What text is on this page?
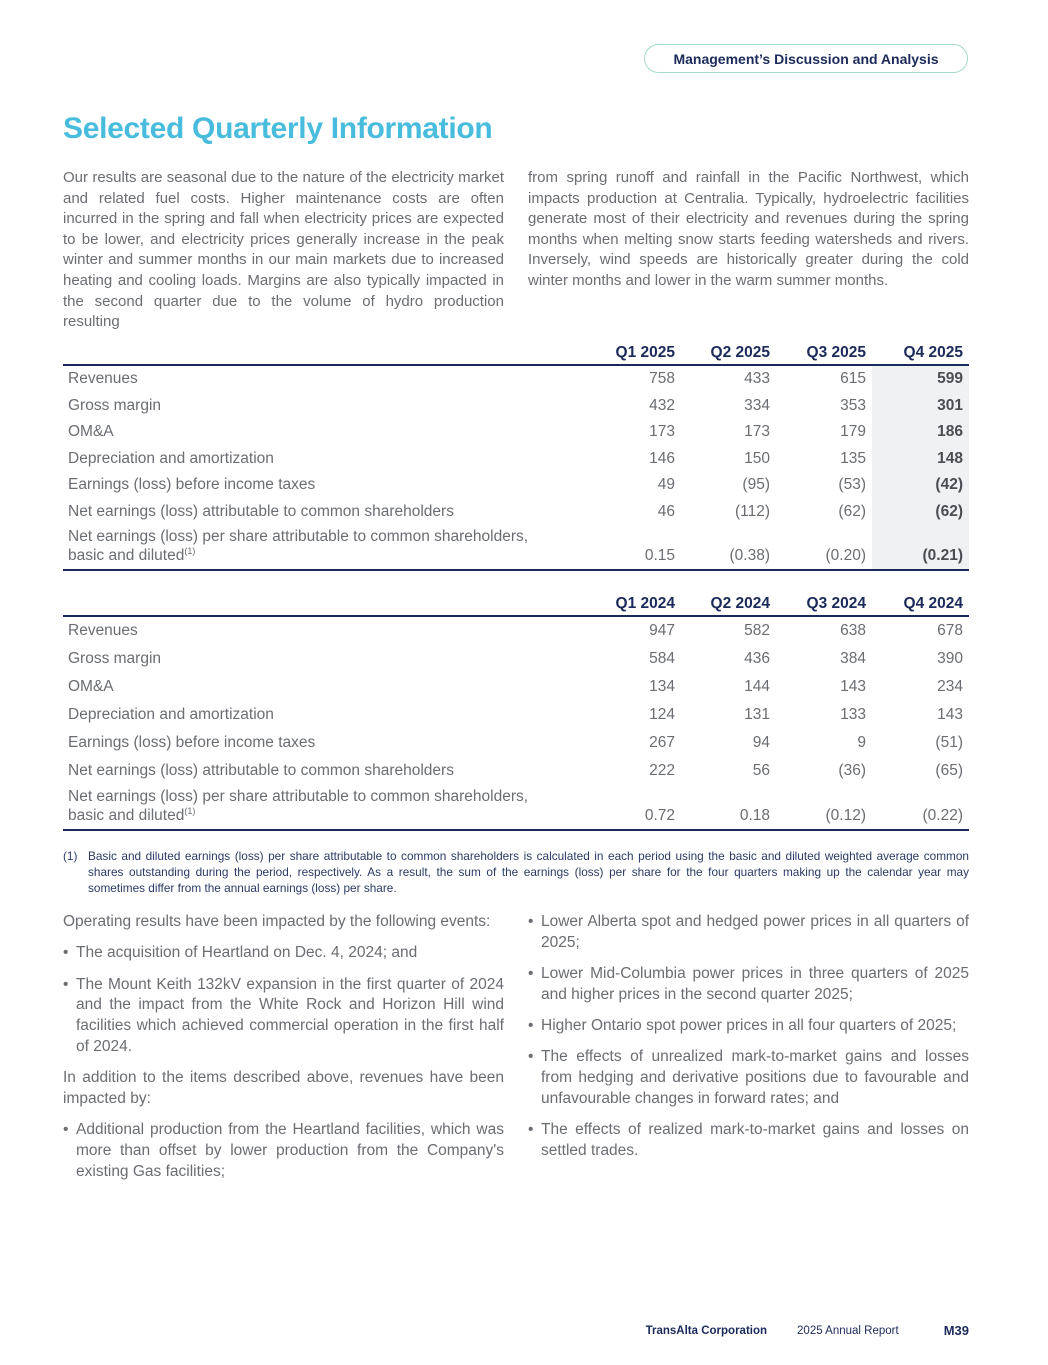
Management’s Discussion and Analysis
Selected Quarterly Information

Our results are seasonal due to the nature of the electricity market and related fuel costs. Higher maintenance costs are often incurred in the spring and fall when electricity prices are expected to be lower, and electricity prices generally increase in the peak winter and summer months in our main markets due to increased heating and cooling loads. Margins are also typically impacted in the second quarter due to the volume of hydro production resulting

from spring runoff and rainfall in the Pacific Northwest, which impacts production at Centralia. Typically, hydroelectric facilities generate most of their electricity and revenues during the spring months when melting snow starts feeding watersheds and rivers. Inversely, wind speeds are historically greater during the cold winter months and lower in the warm summer months.

	Q1 2025	Q2 2025	Q3 2025	Q4 2025
Revenues	758	433	615	599
Gross margin	432	334	353	301
OM&A	173	173	179	186
Depreciation and amortization	146	150	135	148
Earnings (loss) before income taxes	49	(95)	(53)	(42)
Net earnings (loss) attributable to common shareholders	46	(112)	(62)	(62)
Net earnings (loss) per share attributable to common shareholders,
basic and diluted$^{(1)}$	0.15	(0.38)	(0.20)	(0.21)
	Q1 2024	Q2 2024	Q3 2024	Q4 2024
Revenues	947	582	638	678
Gross margin	584	436	384	390
OM&A	134	144	143	234
Depreciation and amortization	124	131	133	143
Earnings (loss) before income taxes	267	94	9	(51)
Net earnings (loss) attributable to common shareholders	222	56	(36)	(65)
Net earnings (loss) per share attributable to common shareholders,
basic and diluted$^{(1)}$	0.72	0.18	(0.12)	(0.22)
(1) Basic and diluted earnings (loss) per share attributable to common shareholders is calculated in each period using the basic and diluted weighted average common shares outstanding during the period, respectively. As a result, the sum of the earnings (loss) per share for the four quarters making up the calendar year may sometimes differ from the annual earnings (loss) per share.

Operating results have been impacted by the following events:

• The acquisition of Heartland on Dec. 4, 2024; and
• The Mount Keith 132kV expansion in the first quarter of 2024 and the impact from the White Rock and Horizon Hill wind facilities which achieved commercial operation in the first half of 2024.

In addition to the items described above, revenues have been impacted by:

• Additional production from the Heartland facilities, which was more than offset by lower production from the Company's existing Gas facilities;
• Lower Alberta spot and hedged power prices in all quarters of 2025;
• Lower Mid-Columbia power prices in three quarters of 2025 and higher prices in the second quarter 2025;
• Higher Ontario spot power prices in all four quarters of 2025;
• The effects of unrealized mark-to-market gains and losses from hedging and derivative positions due to favourable and unfavourable changes in forward rates; and
• The effects of realized mark-to-market gains and losses on settled trades.
TransAlta Corporation	2025 Annual Report	M39
